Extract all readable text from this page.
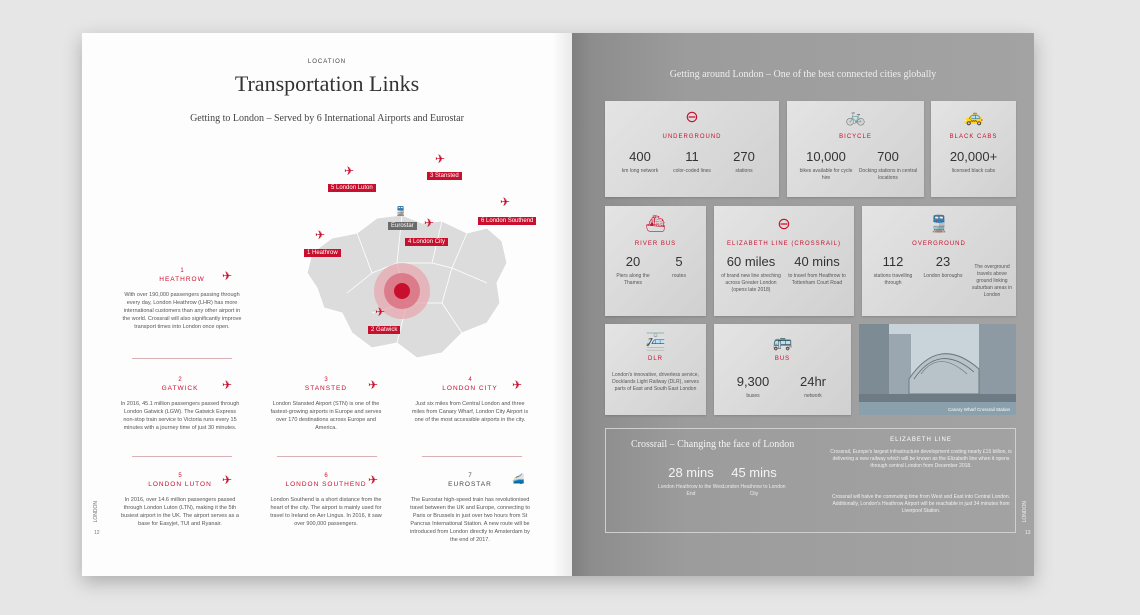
LOCATION
Transportation Links
Getting to London – Served by 6 International Airports and Eurostar
5 London Luton
✈	3 Stansted
✈
6 London Southend
✈
Eurostar
🚆
4 London City
✈
1 Heathrow
✈
2 Gatwick
✈
1
HEATHROW
With over 190,000 passengers passing through every day, London Heathrow (LHR) has more international customers than any other airport in the world. Crossrail will also significantly improve transport times into London once open.
✈
2
GATWICK
In 2016, 45.1 million passengers passed through London Gatwick (LGW). The Gatwick Express non-stop train service to Victoria runs every 15 minutes with a journey time of just 30 minutes.
✈	3
STANSTED
London Stansted Airport (STN) is one of the fastest-growing airports in Europe and serves over 170 destinations across Europe and America.
✈	4
LONDON CITY
Just six miles from Central London and three miles from Canary Wharf, London City Airport is one of the most accessible airports in the city.
✈
5
LONDON LUTON
In 2016, over 14.6 million passengers passed through London Luton (LTN), making it the 5th busiest airport in the UK. The airport serves as a base for Easyjet, TUI and Ryanair.
✈	6
LONDON SOUTHEND
London Southend is a short distance from the heart of the city. The airport is mainly used for travel to Ireland on Aer Lingus. In 2016, it saw over 900,000 passengers.
✈	7
EUROSTAR
The Eurostar high-speed train has revolutionised travel between the UK and Europe, connecting to Paris or Brussels in just over two hours from St Pancras International Station. A new route will be introduced from London directly to Amsterdam by the end of 2017.
🚄
LONDON
12
Getting around London – One of the best connected cities globally
⊖
UNDERGROUND
400
km long network
11
color-coded lines
270
stations
🚲
BICYCLE
10,000
bikes available for cycle hire
700
Docking stations in central locations
🚕
BLACK CABS
20,000+
licensed black cabs
⛴
RIVER BUS
20
Piers along the Thames
5
routes
⊖
ELIZABETH LINE (CROSSRAIL)
60 miles
of brand new line streching across Greater London (opens late 2018)
40 mins
to travel from Heathrow to Tottenham Court Road
🚆
OVERGROUND
112
stations travelling through
23
London boroughs
The overground travels above ground linking suburban areas in London
🚈
DLR
London's innovative, driverless service, Docklands Light Railway (DLR), serves parts of East and South East London
🚌
BUS
9,300
buses
24hr
network
Canary Wharf Crossrail Station
Crossrail – Changing the face of London
28 mins
London Heathrow to the West End
45 mins
London Heathrow to London City
ELIZABETH LINE
Crossrail, Europe's largest infrastructure development costing nearly £15 billion, is delivering a new railway which will be known as the Elizabeth line when it opens through central London from December 2018.
Crossrail will halve the commuting time from West and East into Central London. Additionally, London's Heathrow Airport will be reachable in just 34 minutes from Liverpool Station.	LONDON
13
